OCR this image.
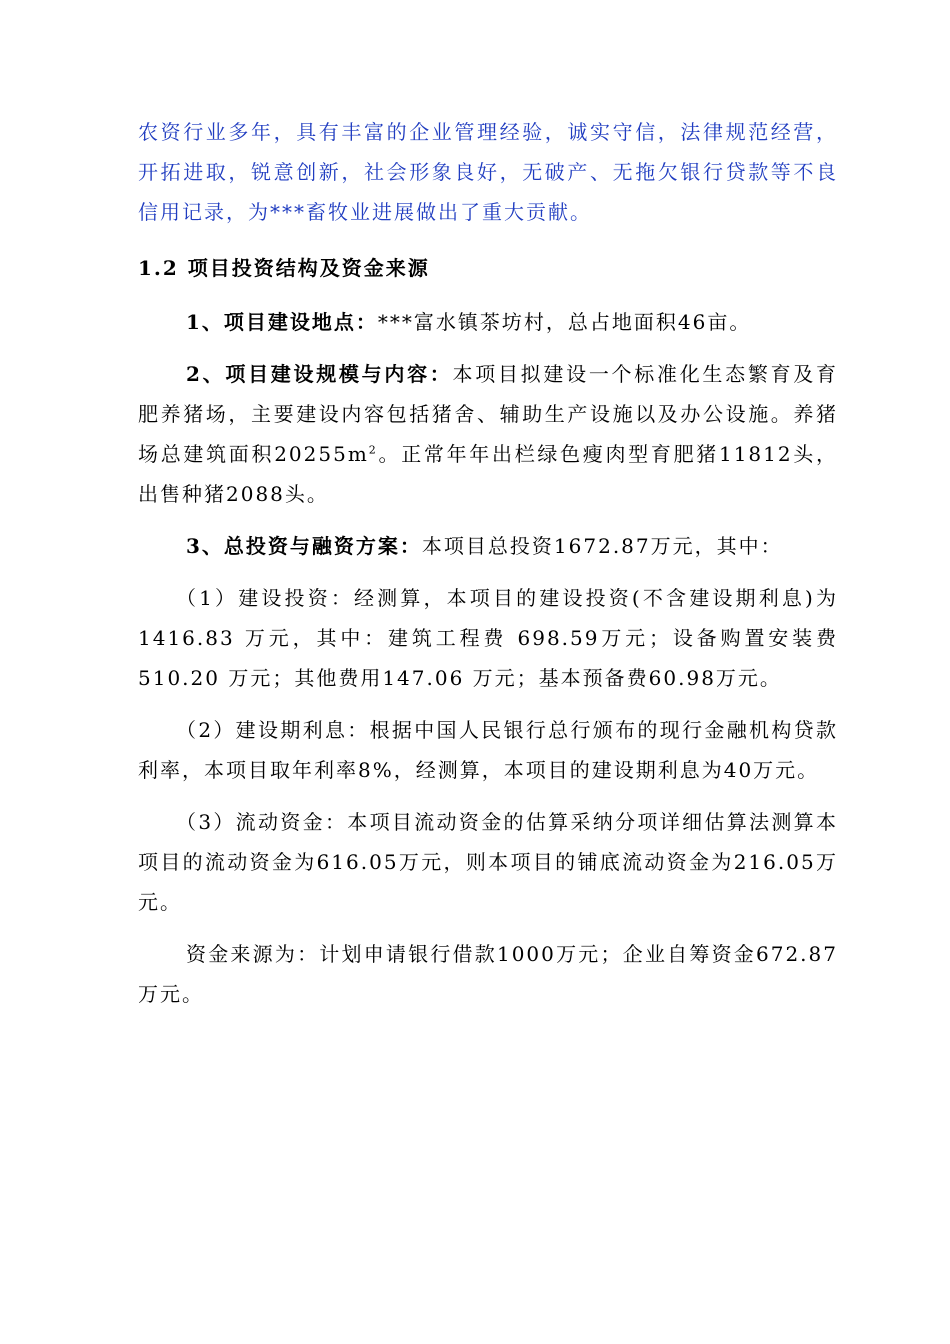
农资行业多年，具有丰富的企业管理经验，诚实守信，法律规范经营，开拓进取，锐意创新，社会形象良好，无破产、无拖欠银行贷款等不良信用记录，为***畜牧业进展做出了重大贡献。

1.2 项目投资结构及资金来源

1、项目建设地点：***富水镇茶坊村，总占地面积46亩。

2、项目建设规模与内容：本项目拟建设一个标准化生态繁育及育肥养猪场，主要建设内容包括猪舍、辅助生产设施以及办公设施。养猪场总建筑面积$20255m^2$。正常年年出栏绿色瘦肉型育肥猪11812头，出售种猪2088头。

3、总投资与融资方案：本项目总投资1672.87万元，其中：

（1）建设投资：经测算，本项目的建设投资(不含建设期利息)为1416.83 万元，其中：建筑工程费 698.59万元；设备购置安装费510.20 万元；其他费用147.06 万元；基本预备费60.98万元。

（2）建设期利息：根据中国人民银行总行颁布的现行金融机构贷款利率，本项目取年利率8%，经测算，本项目的建设期利息为40万元。

（3）流动资金：本项目流动资金的估算采纳分项详细估算法测算本项目的流动资金为616.05万元，则本项目的铺底流动资金为216.05万元。

资金来源为：计划申请银行借款1000万元；企业自筹资金672.87万元。
